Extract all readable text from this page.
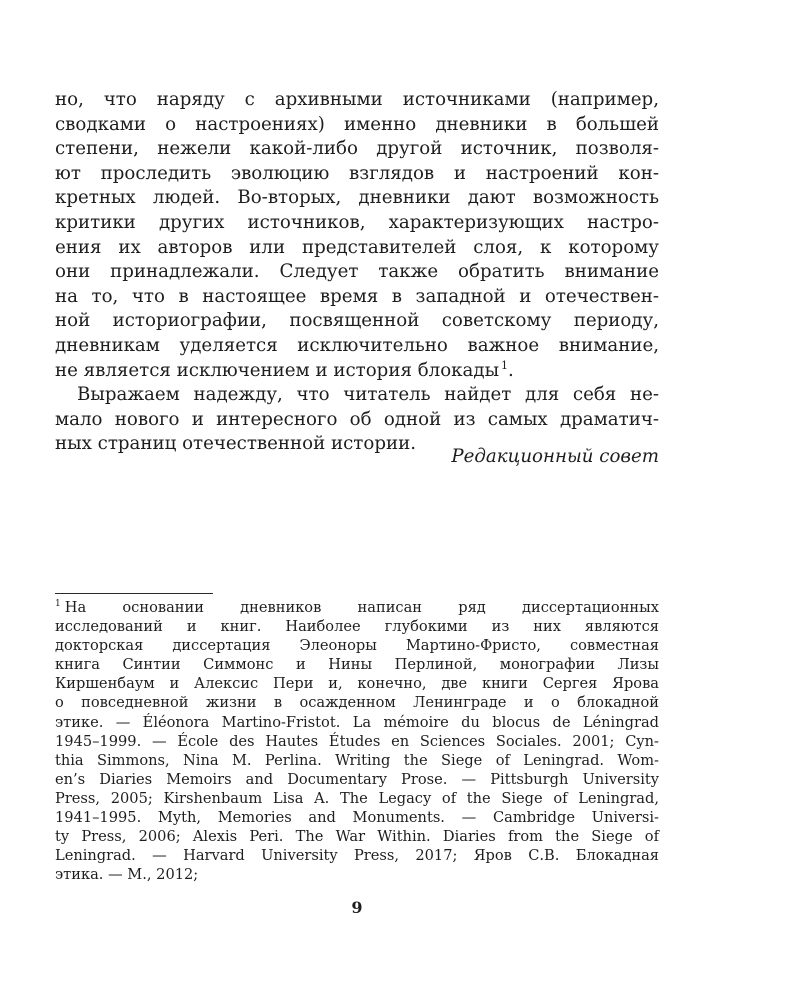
но, что наряду с архивными источниками (например,
сводками о настроениях) именно дневники в большей
степени, нежели какой-либо другой источник, позволя-
ют проследить эволюцию взглядов и настроений кон-
кретных людей. Во-вторых, дневники дают возможность
критики других источников, характеризующих настро-
ения их авторов или представителей слоя, к которому
они принадлежали. Следует также обратить внимание
на то, что в настоящее время в западной и отечествен-
ной историографии, посвященной советскому периоду,
дневникам уделяется исключительно важное внимание,
не является исключением и история блокады $^1$.
Выражаем надежду, что читатель найдет для себя не-
мало нового и интересного об одной из самых драматич-
ных страниц отечественной истории.
Редакционный совет
$^1$ На основании дневников написан ряд диссертационных
исследований и книг. Наиболее глубокими из них являются
докторская диссертация Элеоноры Мартино-Фристо, совместная
книга Синтии Симмонс и Нины Перлиной, монографии Лизы
Киршенбаум и Алексис Пери и, конечно, две книги Сергея Ярова
о повседневной жизни в осажденном Ленинграде и о блокадной
этике. — Éléonora Martino-Fristot. La mémoire du blocus de Léningrad
1945–1999. — École des Hautes Études en Sciences Sociales. 2001; Cyn-
thia Simmons, Nina M. Perlina. Writing the Siege of Leningrad. Wom-
en’s Diaries Memoirs and Documentary Prose. — Pittsburgh University
Press, 2005; Kirshenbaum Lisa A. The Legacy of the Siege of Leningrad,
1941–1995. Myth, Memories and Monuments. — Cambridge Universi-
ty Press, 2006; Alexis Peri. The War Within. Diaries from the Siege of
Leningrad. — Harvard University Press, 2017; Яров С.В. Блокадная
этика. — М., 2012;
9
